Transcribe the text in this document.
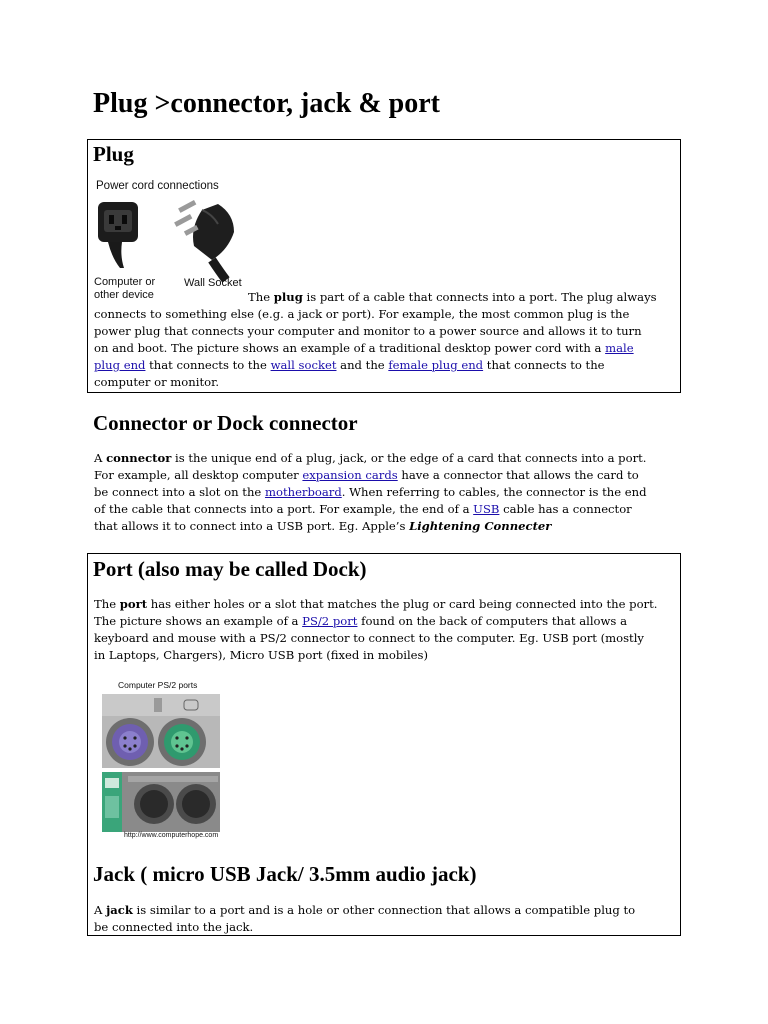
Plug >connector, jack & port
Plug
Power cord connections
Computer or
other device
Wall Socket

The plug is part of a cable that connects into a port. The plug always

connects to something else (e.g. a jack or port). For example, the most common plug is the
power plug that connects your computer and monitor to a power source and allows it to turn
on and boot. The picture shows an example of a traditional desktop power cord with a male
plug end that connects to the wall socket and the female plug end that connects to the
computer or monitor.

Connector or Dock connector

A connector is the unique end of a plug, jack, or the edge of a card that connects into a port.
For example, all desktop computer expansion cards have a connector that allows the card to
be connect into a slot on the motherboard. When referring to cables, the connector is the end
of the cable that connects into a port. For example, the end of a USB cable has a connector
that allows it to connect into a USB port. Eg. Apple’s Lightening Connecter

Port (also may be called Dock)

The port has either holes or a slot that matches the plug or card being connected into the port.
The picture shows an example of a PS/2 port found on the back of computers that allows a
keyboard and mouse with a PS/2 connector to connect to the computer. Eg. USB port (mostly
in Laptops, Chargers), Micro USB port (fixed in mobiles)

Computer PS/2 ports
http://www.computerhope.com
Jack ( micro USB Jack/ 3.5mm audio jack)

A jack is similar to a port and is a hole or other connection that allows a compatible plug to
be connected into the jack.
